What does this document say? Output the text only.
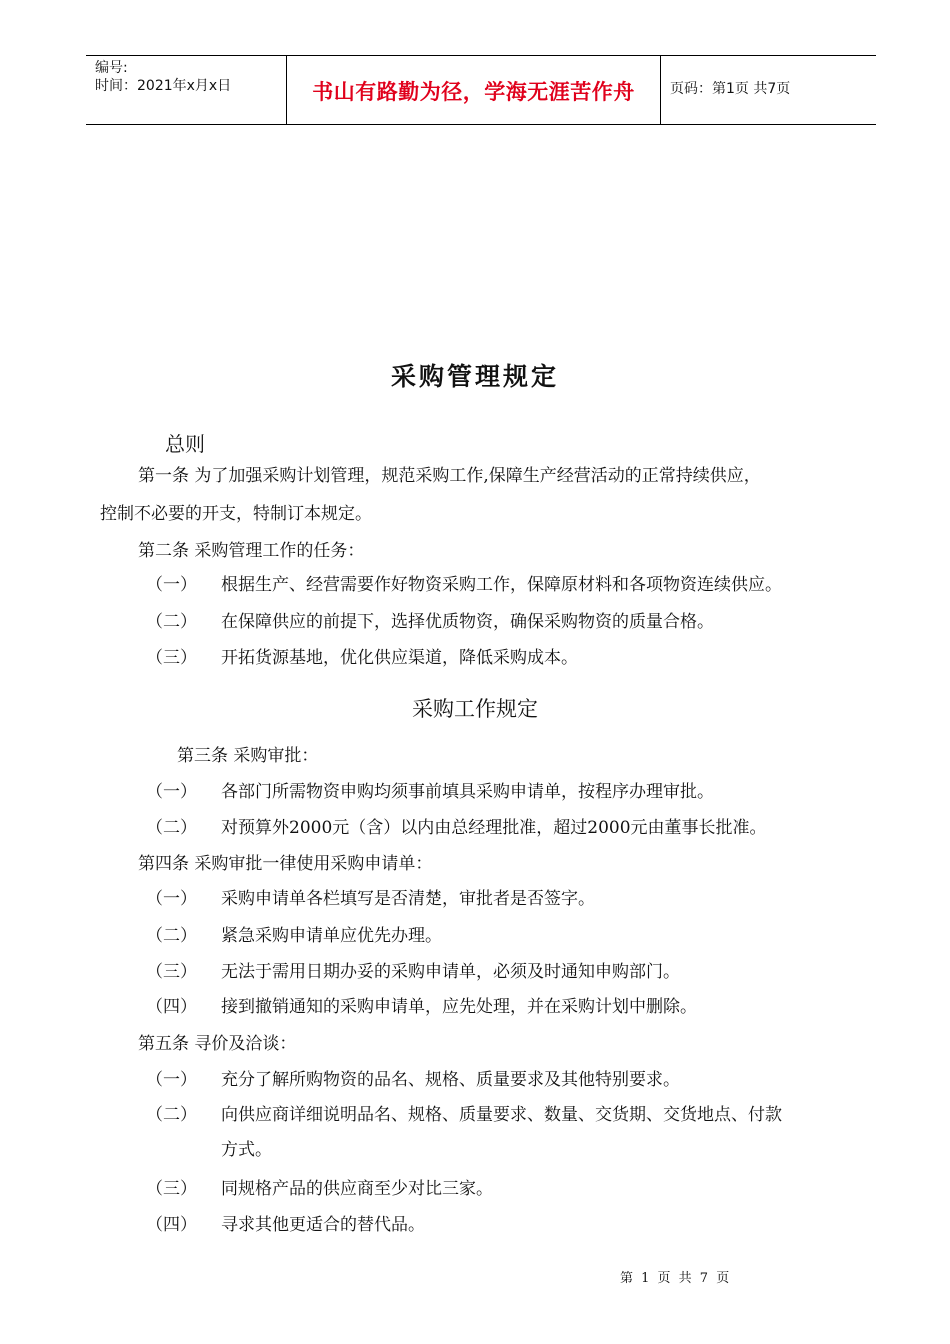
编号:
时间：2021年x月x日	书山有路勤为径，学海无涯苦作舟	页码：第1页 共7页
采购管理规定
总则
第一条 为了加强采购计划管理，规范采购工作,保障生产经营活动的正常持续供应，
控制不必要的开支，特制订本规定。
第二条 采购管理工作的任务：
（一） 根据生产、经营需要作好物资采购工作，保障原材料和各项物资连续供应。
（二） 在保障供应的前提下，选择优质物资，确保采购物资的质量合格。
（三） 开拓货源基地，优化供应渠道，降低采购成本。
采购工作规定
第三条 采购审批：
（一） 各部门所需物资申购均须事前填具采购申请单，按程序办理审批。
（二） 对预算外2000元（含）以内由总经理批准，超过2000元由董事长批准。
第四条 采购审批一律使用采购申请单：
（一） 采购申请单各栏填写是否清楚，审批者是否签字。
（二） 紧急采购申请单应优先办理。
（三） 无法于需用日期办妥的采购申请单，必须及时通知申购部门。
（四） 接到撤销通知的采购申请单，应先处理，并在采购计划中删除。
第五条 寻价及洽谈：
（一） 充分了解所购物资的品名、规格、质量要求及其他特别要求。
（二） 向供应商详细说明品名、规格、质量要求、数量、交货期、交货地点、付款
方式。
（三） 同规格产品的供应商至少对比三家。
（四） 寻求其他更适合的替代品。
第 1 页 共 7 页
